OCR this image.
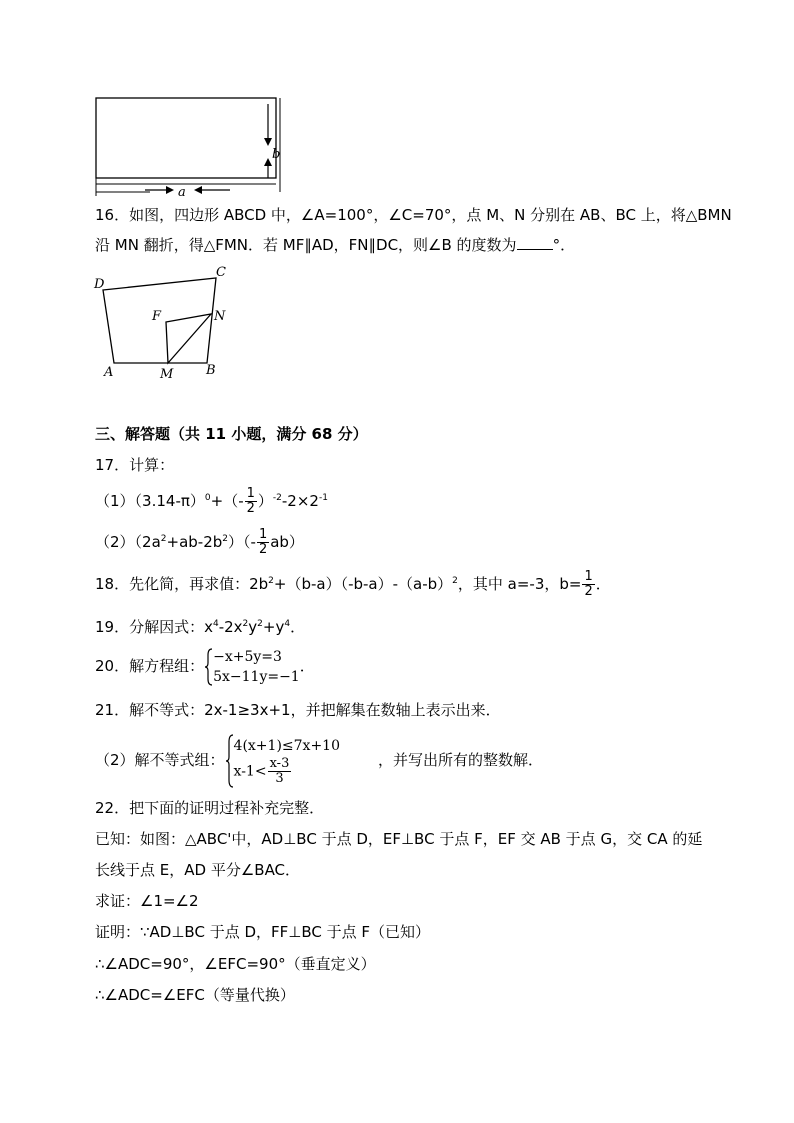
b
a
16．如图，四边形 ABCD 中，∠A=100°，∠C=70°，点 M、N 分别在 AB、BC 上，将△BMN
沿 MN 翻折，得△FMN．若 MF∥AD，FN∥DC，则∠B 的度数为 °．
D
C
F	N
A	M	B
三、解答题（共 11 小题，满分 68 分）
17．计算：
$(1)(3.14-\pi)^0+(- \frac{1}{2} )^{-2}-2\times 2^{-1}$
$(2)(2a^2+ab-2b^2)(- \frac{1}{2} ab)$
18．先化简，再求值：$2b^2+(b-a)(-b-a)-(a-b)^2$，其中 a=-3，$b= \frac{1}{2}$ ．
19．分解因式：$x^4-2x^2y^2+y^4$．
20．解方程组：
−x+5y=3
5x−11y=−1
．
21．解不等式：2x-1≥3x+1，并把解集在数轴上表示出来．
（2）解不等式组：
4(x+1)≤7x+10
$x-1< \frac{x-3}{3}$	，并写出所有的整数解．
22．把下面的证明过程补充完整．
已知：如图：△ABC'中，AD⊥BC 于点 D，EF⊥BC 于点 F，EF 交 AB 于点 G，交 CA 的延
长线于点 E，AD 平分∠BAC．
求证：∠1=∠2
证明：∵AD⊥BC 于点 D，FF⊥BC 于点 F（已知）
∴∠ADC=90°，∠EFC=90°（垂直定义）
∴∠ADC=∠EFC（等量代换）
